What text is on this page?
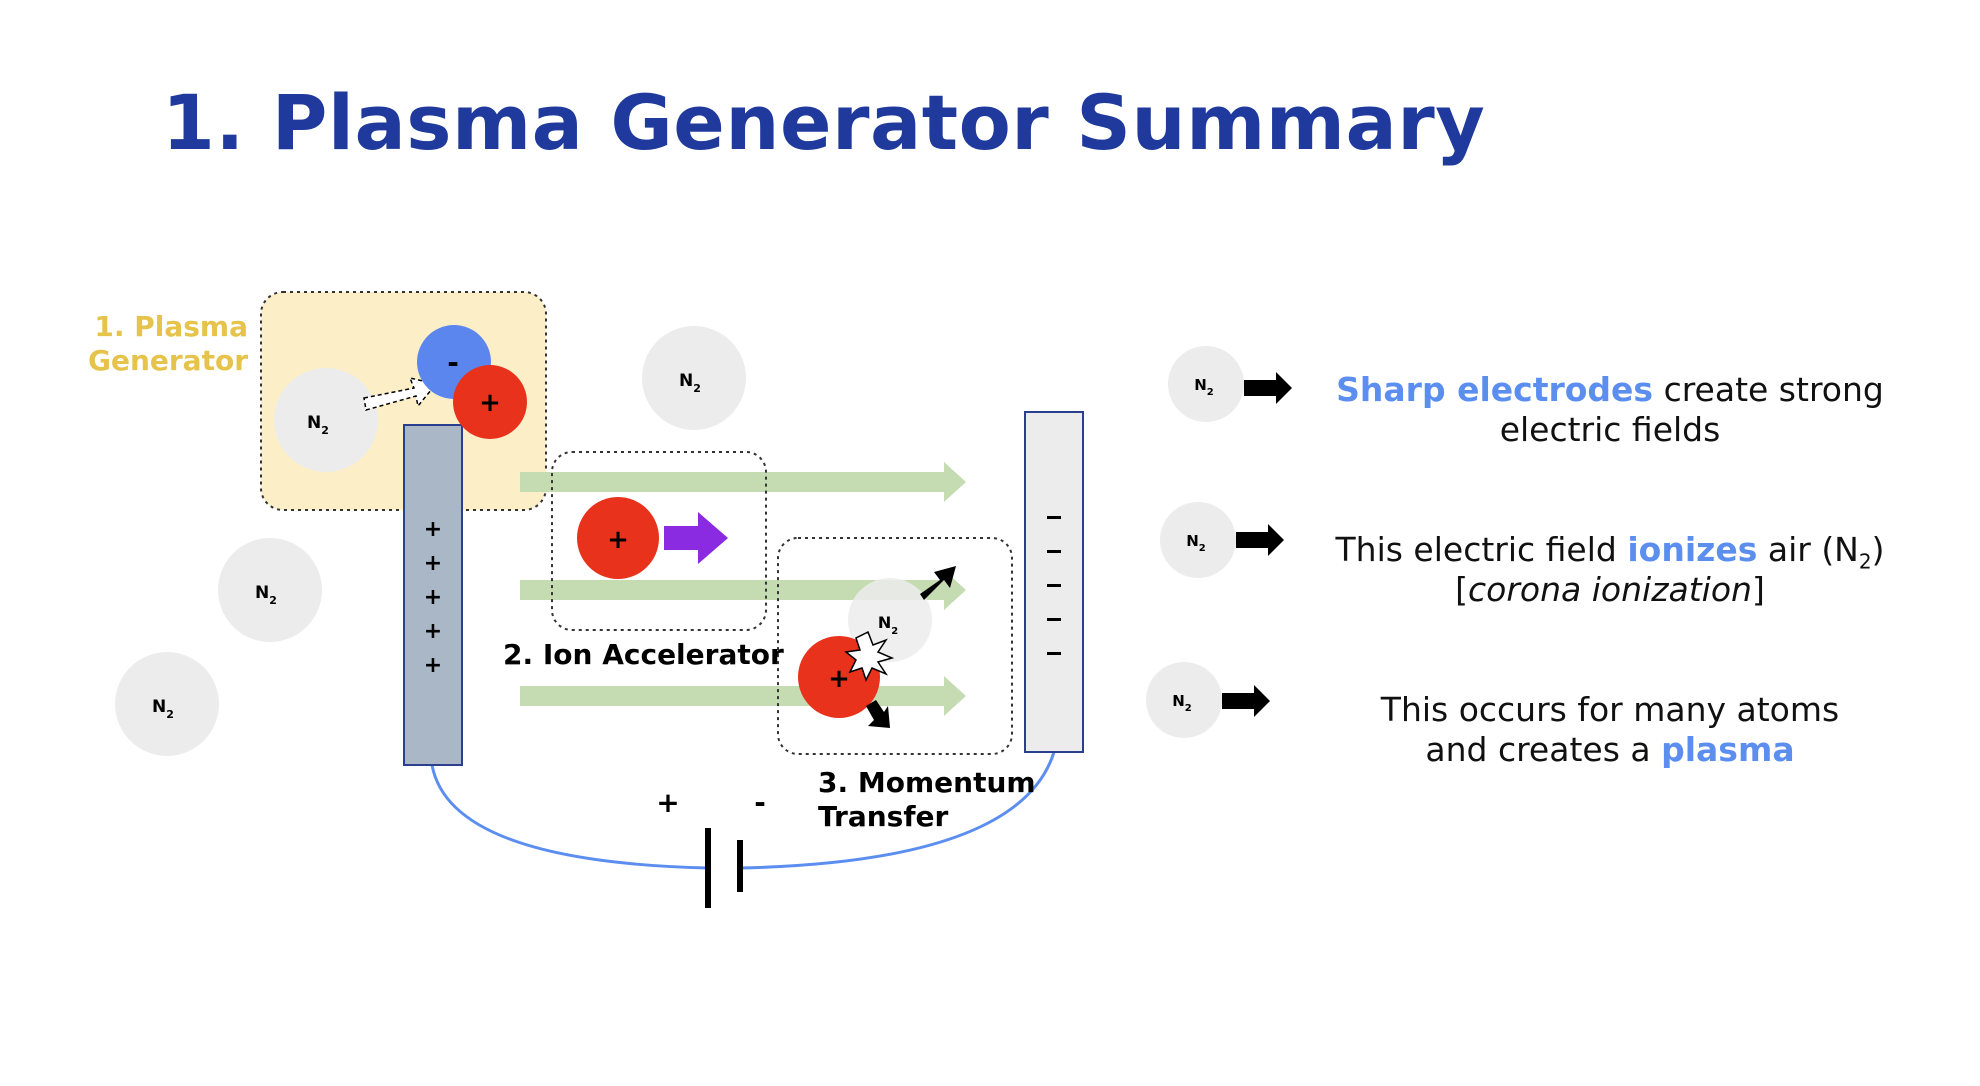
1. Plasma Generator Summary
+
+
+
+
+
$N_2$
$N_2$
$N_2$
$N_2$
$N_2$
-
+
+
+
$N_2$
$N_2$
$N_2$
1. Plasma
Generator
2. Ion Accelerator
3. Momentum
Transfer
+	-
Sharp electrodes create strong
electric fields
This electric field ionizes air $(N_2)$
[corona ionization]
This occurs for many atoms
and creates a plasma
